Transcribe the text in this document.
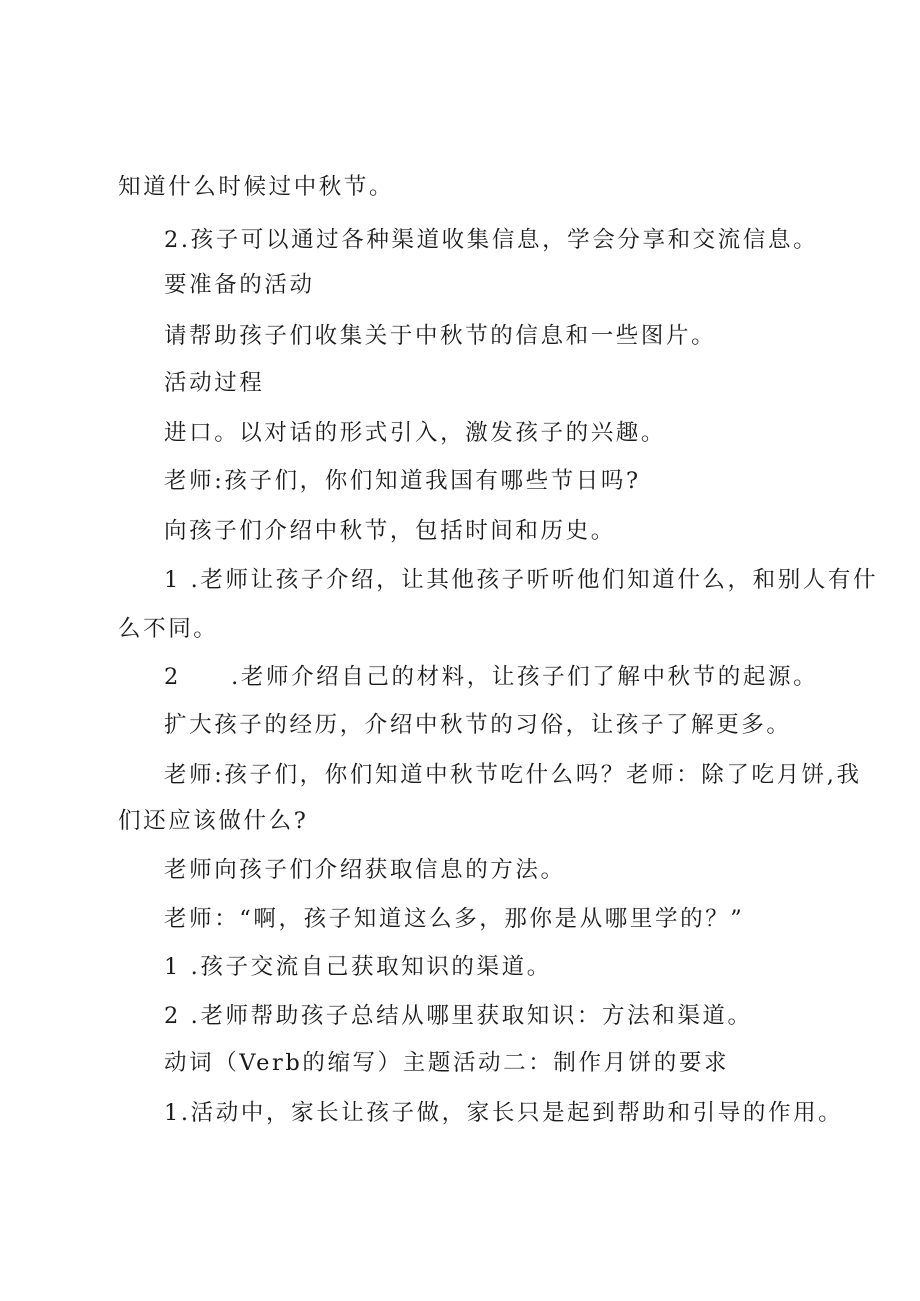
知道什么时候过中秋节。
2.孩子可以通过各种渠道收集信息，学会分享和交流信息。
要准备的活动
请帮助孩子们收集关于中秋节的信息和一些图片。
活动过程
进口。以对话的形式引入，激发孩子的兴趣。
老师:孩子们，你们知道我国有哪些节日吗?
向孩子们介绍中秋节，包括时间和历史。
1 .老师让孩子介绍，让其他孩子听听他们知道什么，和别人有什
么不同。
2　　.老师介绍自己的材料，让孩子们了解中秋节的起源。
扩大孩子的经历，介绍中秋节的习俗，让孩子了解更多。
老师:孩子们，你们知道中秋节吃什么吗？老师：除了吃月饼,我
们还应该做什么?
老师向孩子们介绍获取信息的方法。
老师：“啊，孩子知道这么多，那你是从哪里学的？”
1 .孩子交流自己获取知识的渠道。
2 .老师帮助孩子总结从哪里获取知识：方法和渠道。
动词（Verb的缩写）主题活动二：制作月饼的要求
1.活动中，家长让孩子做，家长只是起到帮助和引导的作用。
